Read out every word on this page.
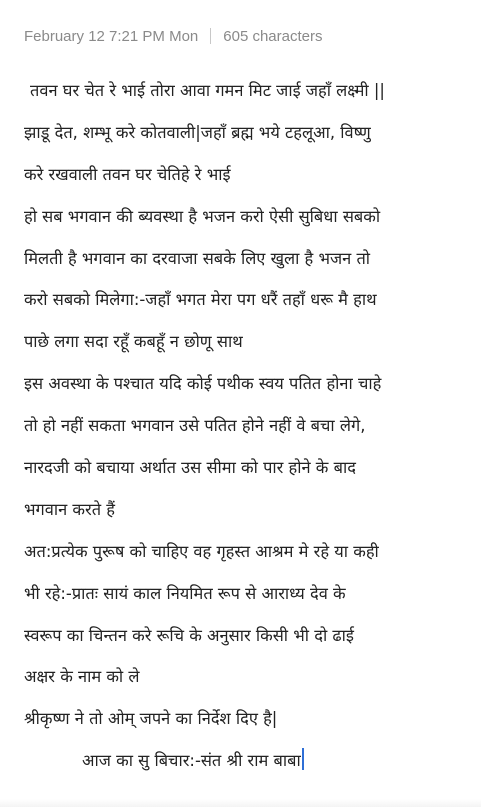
February 12 7:21 PM Mon 605 characters
तवन घर चेत रे भाई तोरा आवा गमन मिट जाई जहाँ लक्ष्मी ||
झाडू देत, शम्भू करे कोतवाली|जहाँ ब्रह्म भये टहलूआ, विष्णु
करे रखवाली तवन घर चेतिहे रे भाई
हो सब भगवान की ब्यवस्था है भजन करो ऐसी सुबिधा सबको
मिलती है भगवान का दरवाजा सबके लिए खुला है भजन तो
करो सबको मिलेगा:-जहाँ भगत मेरा पग धरैं तहाँ धरू मै हाथ
पाछे लगा सदा रहूँ कबहूँ न छोणू साथ
इस अवस्था के पश्चात यदि कोई पथीक स्वय पतित होना चाहे
तो हो नहीं सकता भगवान उसे पतित होने नहीं वे बचा लेगे,
नारदजी को बचाया अर्थात उस सीमा को पार होने के बाद
भगवान करते हैं
अत:प्रत्येक पुरूष को चाहिए वह गृहस्त आश्रम मे रहे या कही
भी रहे:-प्रातः सायं काल नियमित रूप से आराध्य देव के
स्वरूप का चिन्तन करे रूचि के अनुसार किसी भी दो ढाई
अक्षर के नाम को ले
श्रीकृष्ण ने तो ओम् जपने का निर्देश दिए है|
आज का सु बिचार:-संत श्री राम बाबा
